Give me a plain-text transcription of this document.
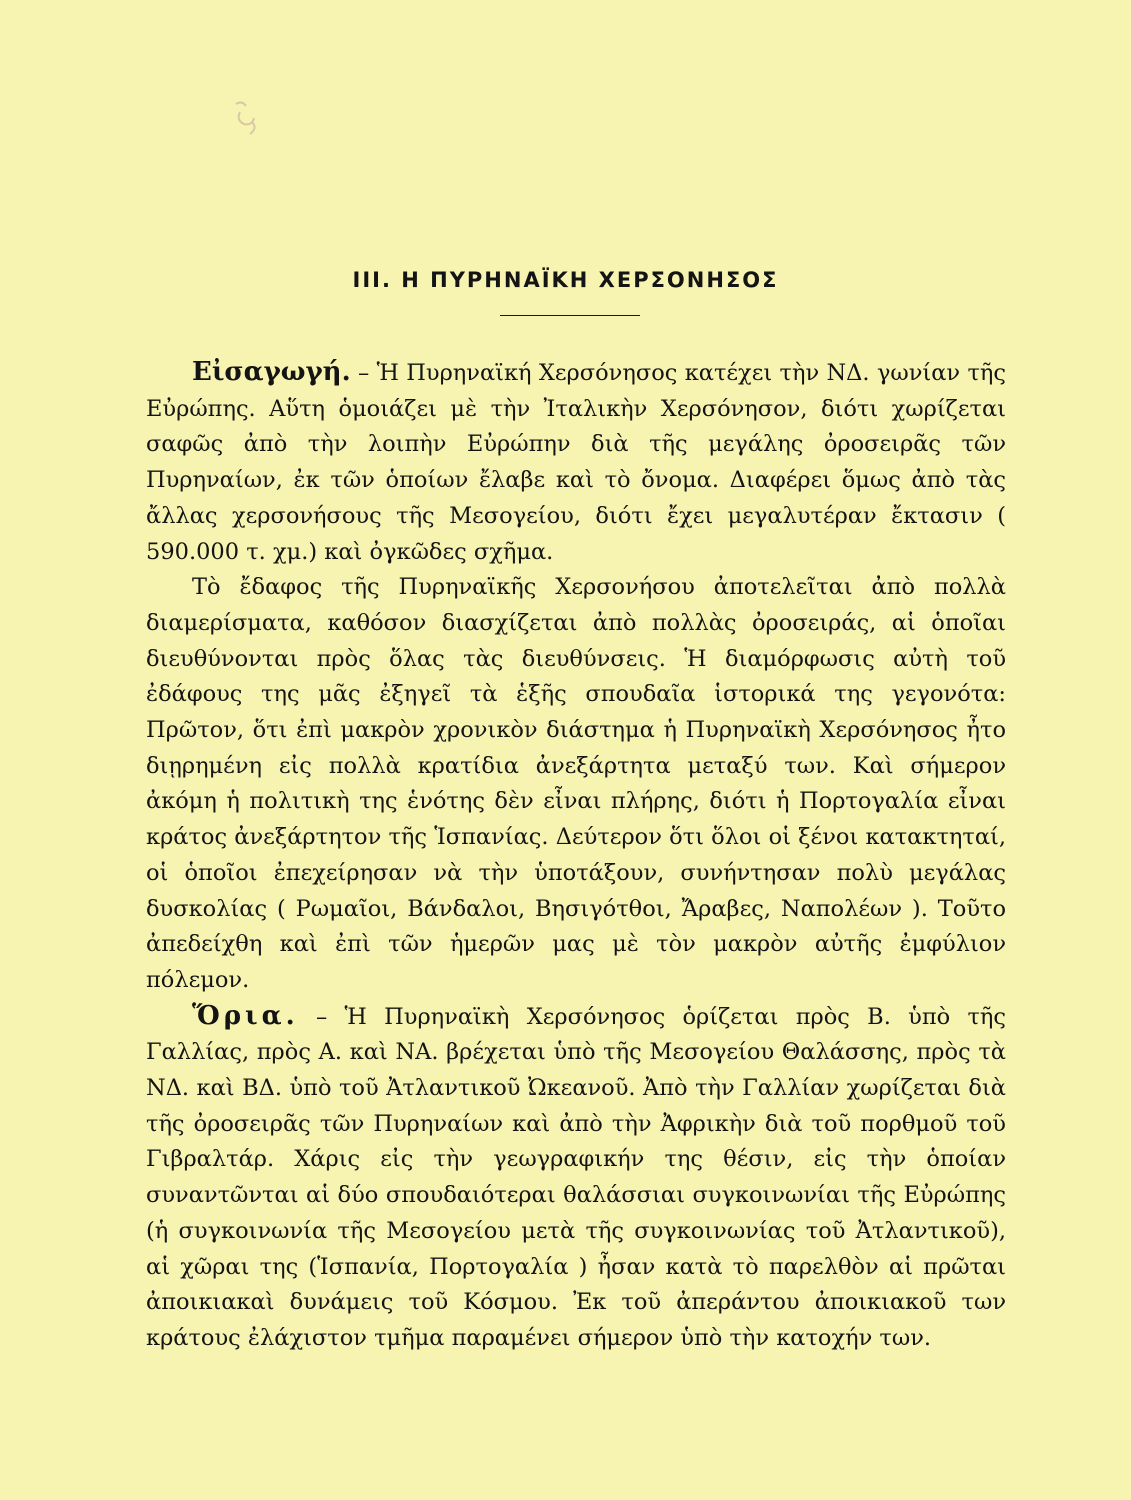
III. Η ΠΥΡΗΝΑΪΚΗ ΧΕΡΣΟΝΗΣΟΣ

Εἰσαγωγή. – Ἡ Πυρηναϊκή Χερσόνησος κατέχει τὴν ΝΔ. γωνίαν τῆς Εὐρώπης. Αὕτη ὁμοιάζει μὲ τὴν Ἰταλικὴν Χερσόνησον, διότι χωρίζεται σαφῶς ἀπὸ τὴν λοιπὴν Εὐρώπην διὰ τῆς μεγάλης ὀροσειρᾶς τῶν Πυρηναίων, ἐκ τῶν ὁποίων ἔλαβε καὶ τὸ ὄνομα. Διαφέρει ὅμως ἀπὸ τὰς ἄλλας χερσονήσους τῆς Μεσογείου, διότι ἔχει μεγαλυτέραν ἔκτασιν ( 590.000 τ. χμ.) καὶ ὀγκῶδες σχῆμα.

Τὸ ἔδαφος τῆς Πυρηναϊκῆς Χερσονήσου ἀποτελεῖται ἀπὸ πολλὰ διαμερίσματα, καθόσον διασχίζεται ἀπὸ πολλὰς ὀροσειράς, αἱ ὁποῖαι διευθύνονται πρὸς ὅλας τὰς διευθύνσεις. Ἡ διαμόρφωσις αὐτὴ τοῦ ἐδάφους της μᾶς ἐξηγεῖ τὰ ἑξῆς σπουδαῖα ἱστορικά της γεγονότα: Πρῶτον, ὅτι ἐπὶ μακρὸν χρονικὸν διάστημα ἡ Πυρηναϊκὴ Χερσόνησος ἦτο διῃρημένη εἰς πολλὰ κρατίδια ἀνεξάρτητα μεταξύ των. Καὶ σήμερον ἀκόμη ἡ πολιτικὴ της ἑνότης δὲν εἶναι πλήρης, διότι ἡ Πορτογαλία εἶναι κράτος ἀνεξάρτητον τῆς Ἱσπανίας. Δεύτερον ὅτι ὅλοι οἱ ξένοι κατακτηταί, οἱ ὁποῖοι ἐπεχείρησαν νὰ τὴν ὑποτάξουν, συνήντησαν πολὺ μεγάλας δυσκολίας ( Ρωμαῖοι, Βάνδαλοι, Βησιγότθοι, Ἄραβες, Ναπολέων ). Τοῦτο ἀπεδείχθη καὶ ἐπὶ τῶν ἡμερῶν μας μὲ τὸν μακρὸν αὐτῆς ἐμφύλιον πόλεμον.

Ὅρια. – Ἡ Πυρηναϊκὴ Χερσόνησος ὁρίζεται πρὸς Β. ὑπὸ τῆς Γαλλίας, πρὸς Α. καὶ ΝΑ. βρέχεται ὑπὸ τῆς Μεσογείου Θαλάσσης, πρὸς τὰ ΝΔ. καὶ ΒΔ. ὑπὸ τοῦ Ἀτλαντικοῦ Ὠκεανοῦ. Ἀπὸ τὴν Γαλλίαν χωρίζεται διὰ τῆς ὀροσειρᾶς τῶν Πυρηναίων καὶ ἀπὸ τὴν Ἀφρικὴν διὰ τοῦ πορθμοῦ τοῦ Γιβραλτάρ. Χάρις εἰς τὴν γεωγραφικήν της θέσιν, εἰς τὴν ὁποίαν συναντῶνται αἱ δύο σπουδαιότεραι θαλάσσιαι συγκοινωνίαι τῆς Εὐρώπης (ἡ συγκοινωνία τῆς Μεσογείου μετὰ τῆς συγκοινωνίας τοῦ Ἀτλαντικοῦ), αἱ χῶραι της (Ἱσπανία, Πορτογαλία ) ἦσαν κατὰ τὸ παρελθὸν αἱ πρῶται ἀποικιακαὶ δυνάμεις τοῦ Κόσμου. Ἐκ τοῦ ἀπεράντου ἀποικιακοῦ των κράτους ἐλάχιστον τμῆμα παραμένει σήμερον ὑπὸ τὴν κατοχήν των.
